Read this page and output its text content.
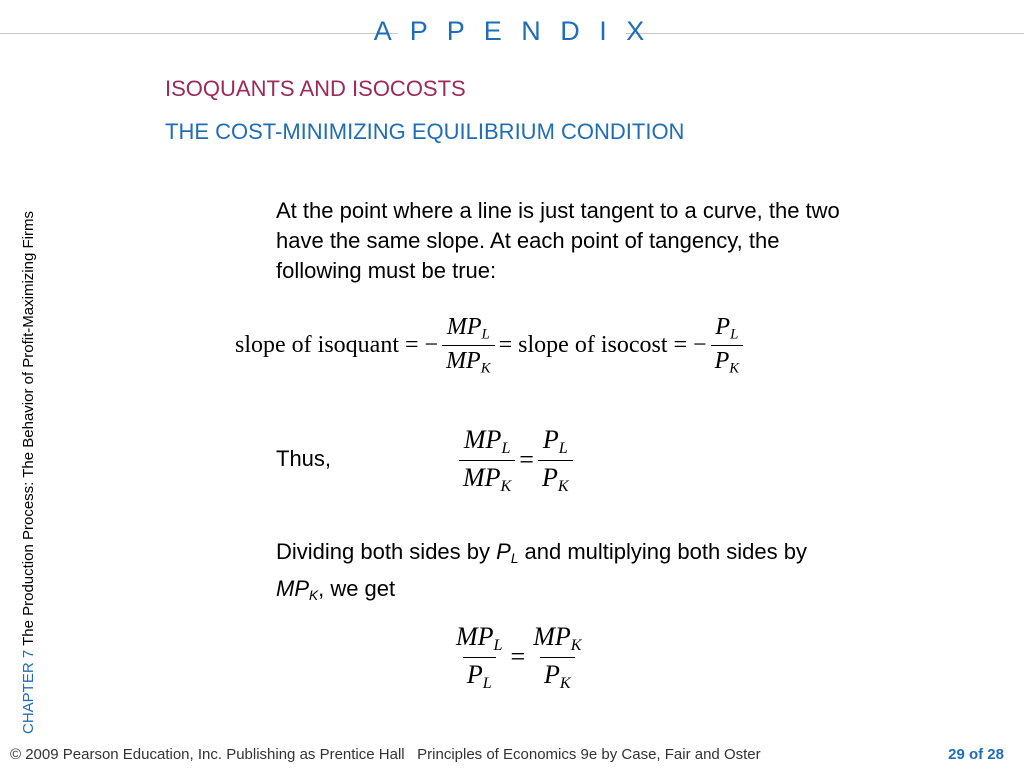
A P P E N D I X
CHAPTER 7 The Production Process: The Behavior of Profit-Maximizing Firms
ISOQUANTS AND ISOCOSTS
THE COST-MINIMIZING EQUILIBRIUM CONDITION
At the point where a line is just tangent to a curve, the two have the same slope. At each point of tangency, the following must be true:
slope of isoquant = − $\frac{MP_L}{MP_K}$ = slope of isocost = − $\frac{P_L}{P_K}$
Thus,	$\frac{MP_L}{MP_K} = \frac{P_L}{P_K}$
Dividing both sides by $P_L$ and multiplying both sides by $MP_K$, we get
$\frac{MP_L}{P_L} = \frac{MP_K}{P_K}$
© 2009 Pearson Education, Inc. Publishing as Prentice Hall Principles of Economics 9e by Case, Fair and Oster	29 of 28
